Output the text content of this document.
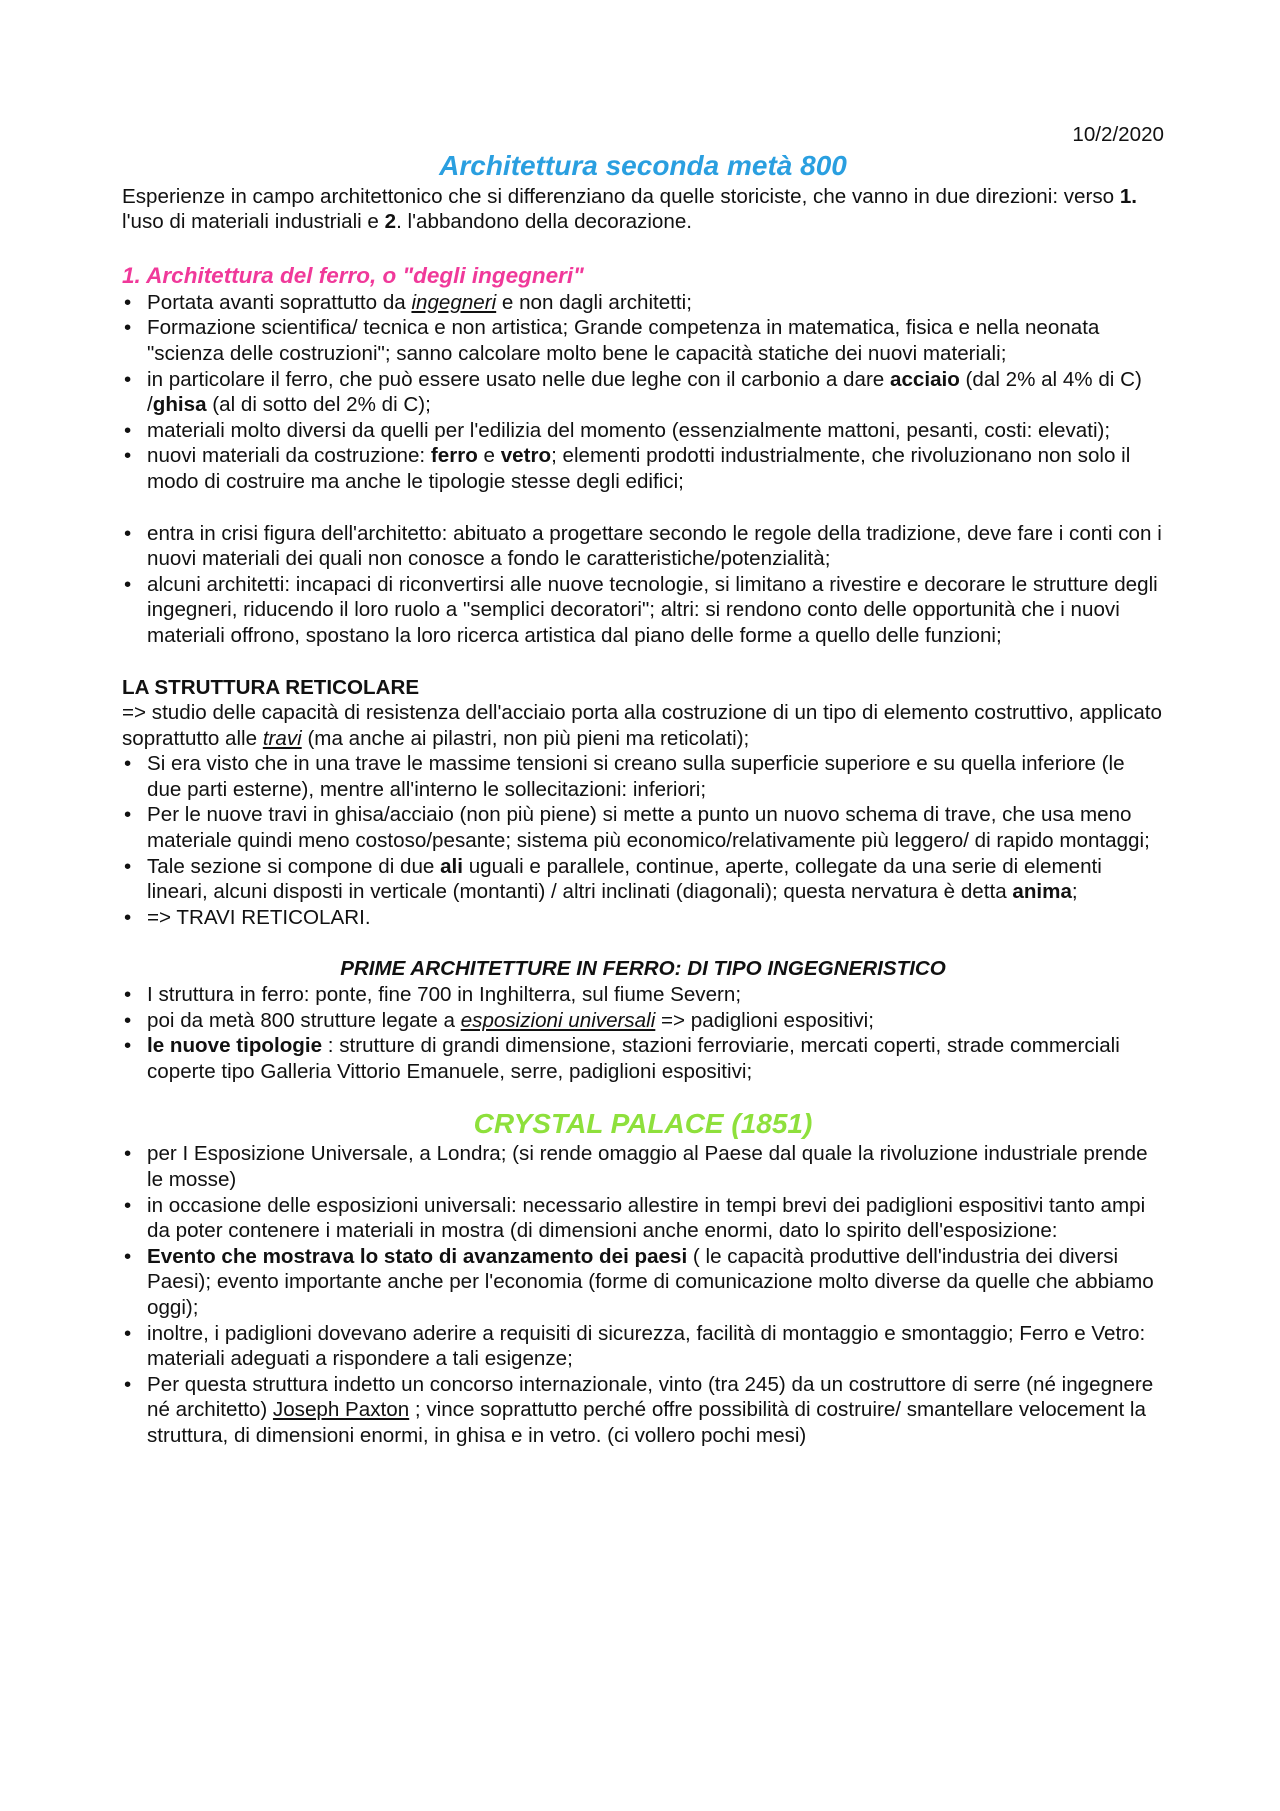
10/2/2020

Architettura seconda metà 800

Esperienze in campo architettonico che si differenziano da quelle storiciste, che vanno in due direzioni: verso 1. l'uso di materiali industriali e 2. l'abbandono della decorazione.

1. Architettura del ferro, o "degli ingegneri"
• Portata avanti soprattutto da ingegneri e non dagli architetti;
• Formazione scientifica/ tecnica e non artistica; Grande competenza in matematica, fisica e nella neonata "scienza delle costruzioni"; sanno calcolare molto bene le capacità statiche dei nuovi materiali;
• in particolare il ferro, che può essere usato nelle due leghe con il carbonio a dare acciaio (dal 2% al 4% di C) /ghisa (al di sotto del 2% di C);
• materiali molto diversi da quelli per l'edilizia del momento (essenzialmente mattoni, pesanti, costi: elevati);
• nuovi materiali da costruzione: ferro e vetro; elementi prodotti industrialmente, che rivoluzionano non solo il modo di costruire ma anche le tipologie stesse degli edifici;
• entra in crisi figura dell'architetto: abituato a progettare secondo le regole della tradizione, deve fare i conti con i nuovi materiali dei quali non conosce a fondo le caratteristiche/potenzialità;
• alcuni architetti: incapaci di riconvertirsi alle nuove tecnologie, si limitano a rivestire e decorare le strutture degli ingegneri, riducendo il loro ruolo a "semplici decoratori"; altri: si rendono conto delle opportunità che i nuovi materiali offrono, spostano la loro ricerca artistica dal piano delle forme a quello delle funzioni;

LA STRUTTURA RETICOLARE

=> studio delle capacità di resistenza dell'acciaio porta alla costruzione di un tipo di elemento costruttivo, applicato soprattutto alle travi (ma anche ai pilastri, non più pieni ma reticolati);

• Si era visto che in una trave le massime tensioni si creano sulla superficie superiore e su quella inferiore (le due parti esterne), mentre all'interno le sollecitazioni: inferiori;
• Per le nuove travi in ghisa/acciaio (non più piene) si mette a punto un nuovo schema di trave, che usa meno materiale quindi meno costoso/pesante; sistema più economico/relativamente più leggero/ di rapido montaggi;
• Tale sezione si compone di due ali uguali e parallele, continue, aperte, collegate da una serie di elementi lineari, alcuni disposti in verticale (montanti) / altri inclinati (diagonali); questa nervatura è detta anima;
• => TRAVI RETICOLARI.

PRIME ARCHITETTURE IN FERRO: DI TIPO INGEGNERISTICO

• I struttura in ferro: ponte, fine 700 in Inghilterra, sul fiume Severn;
• poi da metà 800 strutture legate a esposizioni universali => padiglioni espositivi;
• le nuove tipologie : strutture di grandi dimensione, stazioni ferroviarie, mercati coperti, strade commerciali coperte tipo Galleria Vittorio Emanuele, serre, padiglioni espositivi;

CRYSTAL PALACE (1851)

• per I Esposizione Universale, a Londra; (si rende omaggio al Paese dal quale la rivoluzione industriale prende le mosse)
• in occasione delle esposizioni universali: necessario allestire in tempi brevi dei padiglioni espositivi tanto ampi da poter contenere i materiali in mostra (di dimensioni anche enormi, dato lo spirito dell'esposizione:
• Evento che mostrava lo stato di avanzamento dei paesi ( le capacità produttive dell'industria dei diversi Paesi); evento importante anche per l'economia (forme di comunicazione molto diverse da quelle che abbiamo oggi);
• inoltre, i padiglioni dovevano aderire a requisiti di sicurezza, facilità di montaggio e smontaggio; Ferro e Vetro: materiali adeguati a rispondere a tali esigenze;
• Per questa struttura indetto un concorso internazionale, vinto (tra 245) da un costruttore di serre (né ingegnere né architetto) Joseph Paxton ; vince soprattutto perché offre possibilità di costruire/ smantellare velocement la struttura, di dimensioni enormi, in ghisa e in vetro. (ci vollero pochi mesi)
